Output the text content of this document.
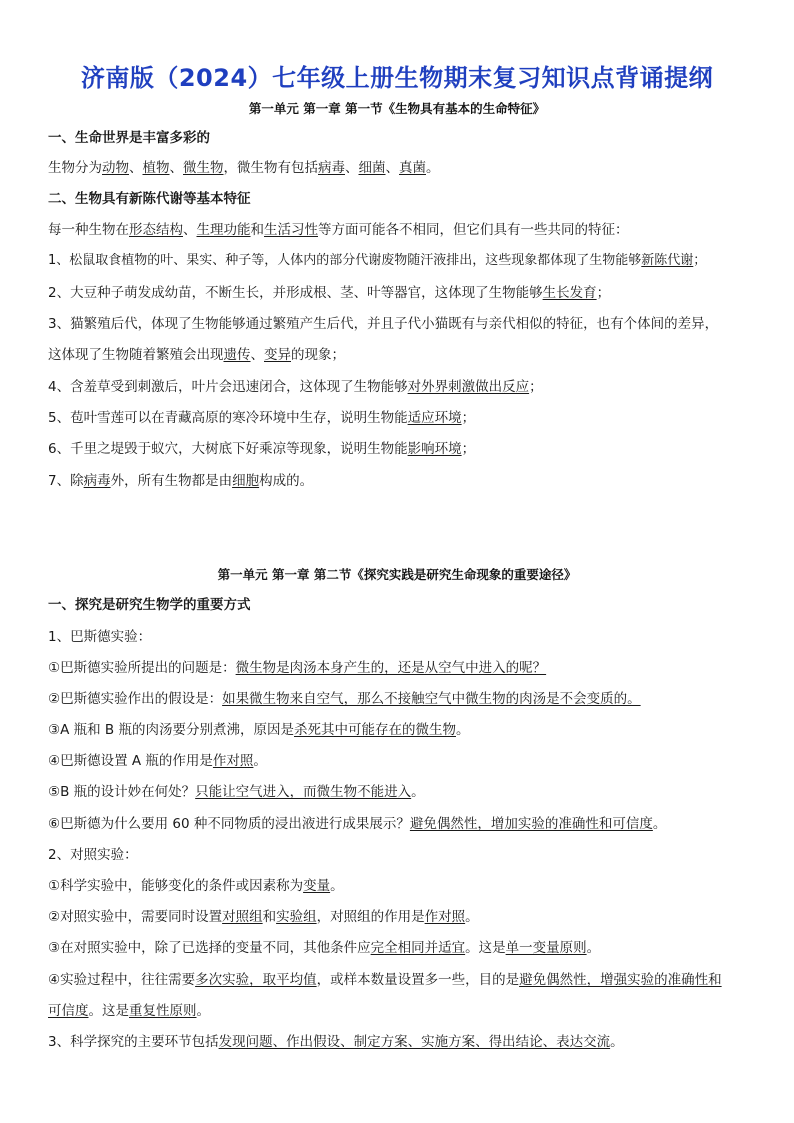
济南版（2024）七年级上册生物期末复习知识点背诵提纲
第一单元 第一章 第一节《生物具有基本的生命特征》
一、生命世界是丰富多彩的
生物分为动物、植物、微生物，微生物有包括病毒、细菌、真菌。
二、生物具有新陈代谢等基本特征
每一种生物在形态结构、生理功能和生活习性等方面可能各不相同，但它们具有一些共同的特征：
1、松鼠取食植物的叶、果实、种子等，人体内的部分代谢废物随汗液排出，这些现象都体现了生物能够新陈代谢；
2、大豆种子萌发成幼苗，不断生长，并形成根、茎、叶等器官，这体现了生物能够生长发育；
3、猫繁殖后代，体现了生物能够通过繁殖产生后代，并且子代小猫既有与亲代相似的特征，也有个体间的差异，
这体现了生物随着繁殖会出现遗传、变异的现象；
4、含羞草受到刺激后，叶片会迅速闭合，这体现了生物能够对外界刺激做出反应；
5、苞叶雪莲可以在青藏高原的寒冷环境中生存，说明生物能适应环境；
6、千里之堤毁于蚁穴，大树底下好乘凉等现象，说明生物能影响环境；
7、除病毒外，所有生物都是由细胞构成的。
第一单元 第一章 第二节《探究实践是研究生命现象的重要途径》
一、探究是研究生物学的重要方式
1、巴斯德实验：
①巴斯德实验所提出的问题是：微生物是肉汤本身产生的，还是从空气中进入的呢？
②巴斯德实验作出的假设是：如果微生物来自空气，那么不接触空气中微生物的肉汤是不会变质的。
③A 瓶和 B 瓶的肉汤要分别煮沸，原因是杀死其中可能存在的微生物。
④巴斯德设置 A 瓶的作用是作对照。
⑤B 瓶的设计妙在何处？只能让空气进入，而微生物不能进入。
⑥巴斯德为什么要用 60 种不同物质的浸出液进行成果展示？避免偶然性，增加实验的准确性和可信度。
2、对照实验：
①科学实验中，能够变化的条件或因素称为变量。
②对照实验中，需要同时设置对照组和实验组，对照组的作用是作对照。
③在对照实验中，除了已选择的变量不同，其他条件应完全相同并适宜。这是单一变量原则。
④实验过程中，往往需要多次实验，取平均值，或样本数量设置多一些，目的是避免偶然性，增强实验的准确性和
可信度。这是重复性原则。
3、科学探究的主要环节包括发现问题、作出假设、制定方案、实施方案、得出结论、表达交流。
